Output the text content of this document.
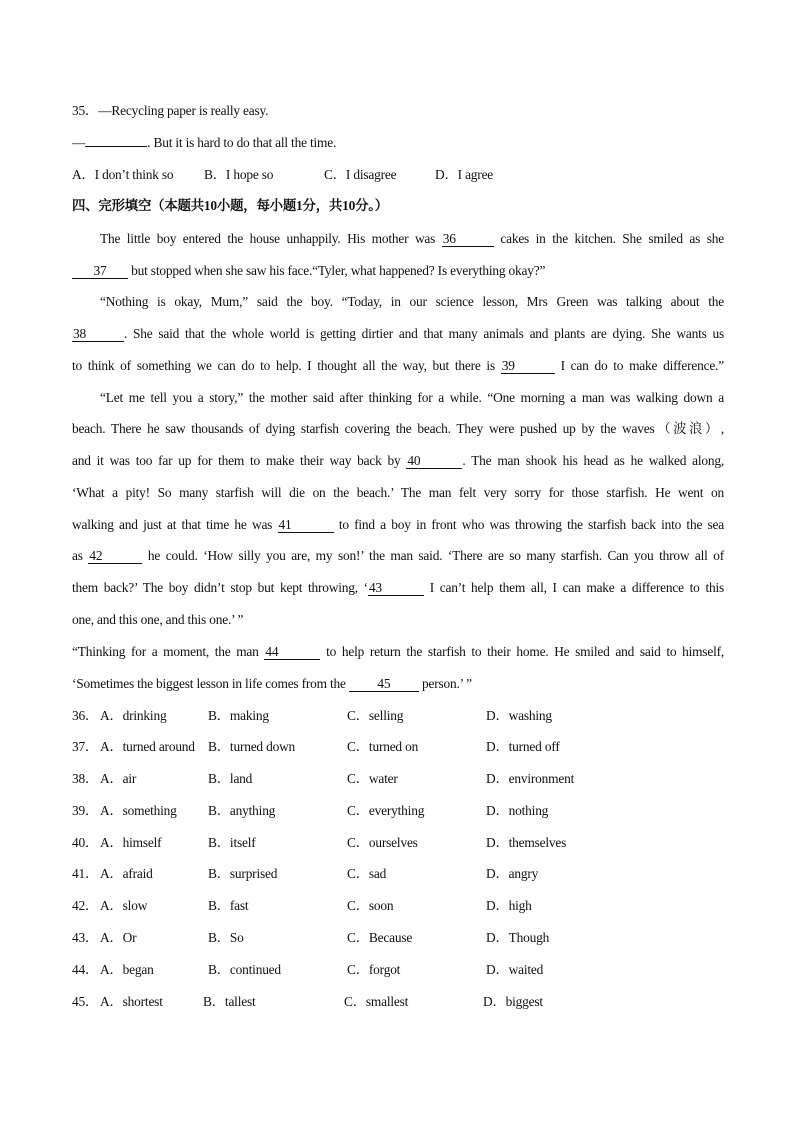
35．—Recycling paper is really easy.
—	. But it is hard to do that all the time.
A．I don’t think so B．I hope so	C．I disagree	D．I agree
四、完形填空（本题共10小题，每小题1分，共10分。）
The little boy entered the house unhappily. His mother was 36	cakes in the kitchen. She smiled as she
37 but stopped when she saw his face.“Tyler, what happened? Is everything okay?”
“Nothing is okay, Mum,” said the boy. “Today, in our science lesson, Mrs Green was talking about the
38	. She said that the whole world is getting dirtier and that many animals and plants are dying. She wants us
to think of something we can do to help. I thought all the way, but there is 39	I can do to make difference.”
“Let me tell you a story,” the mother said after thinking for a while. “One morning a man was walking down a
beach. There he saw thousands of dying starfish covering the beach. They were pushed up by the waves（波浪）,
and it was too far up for them to make their way back by 40	. The man shook his head as he walked along,
‘What a pity! So many starfish will die on the beach.’ The man felt very sorry for those starfish. He went on
walking and just at that time he was 41	to find a boy in front who was throwing the starfish back into the sea
as 42	he could. ‘How silly you are, my son!’ the man said. ‘There are so many starfish. Can you throw all of
them back?’ The boy didn’t stop but kept throwing, ‘43	I can’t help them all, I can make a difference to this
one, and this one, and this one.’ ”
“Thinking for a moment, the man 44	to help return the starfish to their home. He smiled and said to himself,
‘Sometimes the biggest lesson in life comes from the 45 person.’ ”
36． A．drinking	B．making	C．selling	D．washing
37． A．turned around B．turned down	C．turned on	D．turned off
38． A．air	B．land	C．water	D．environment
39． A．something B．anything	C．everything	D．nothing
40． A．himself	B．itself	C．ourselves	D．themselves
41． A．afraid	B．surprised	C．sad	D．angry
42． A．slow	B．fast	C．soon	D．high
43． A．Or	B．So	C．Because	D．Though
44． A．began	B．continued	C．forgot	D．waited
45． A．shortest	B．tallest	C．smallest	D．biggest
